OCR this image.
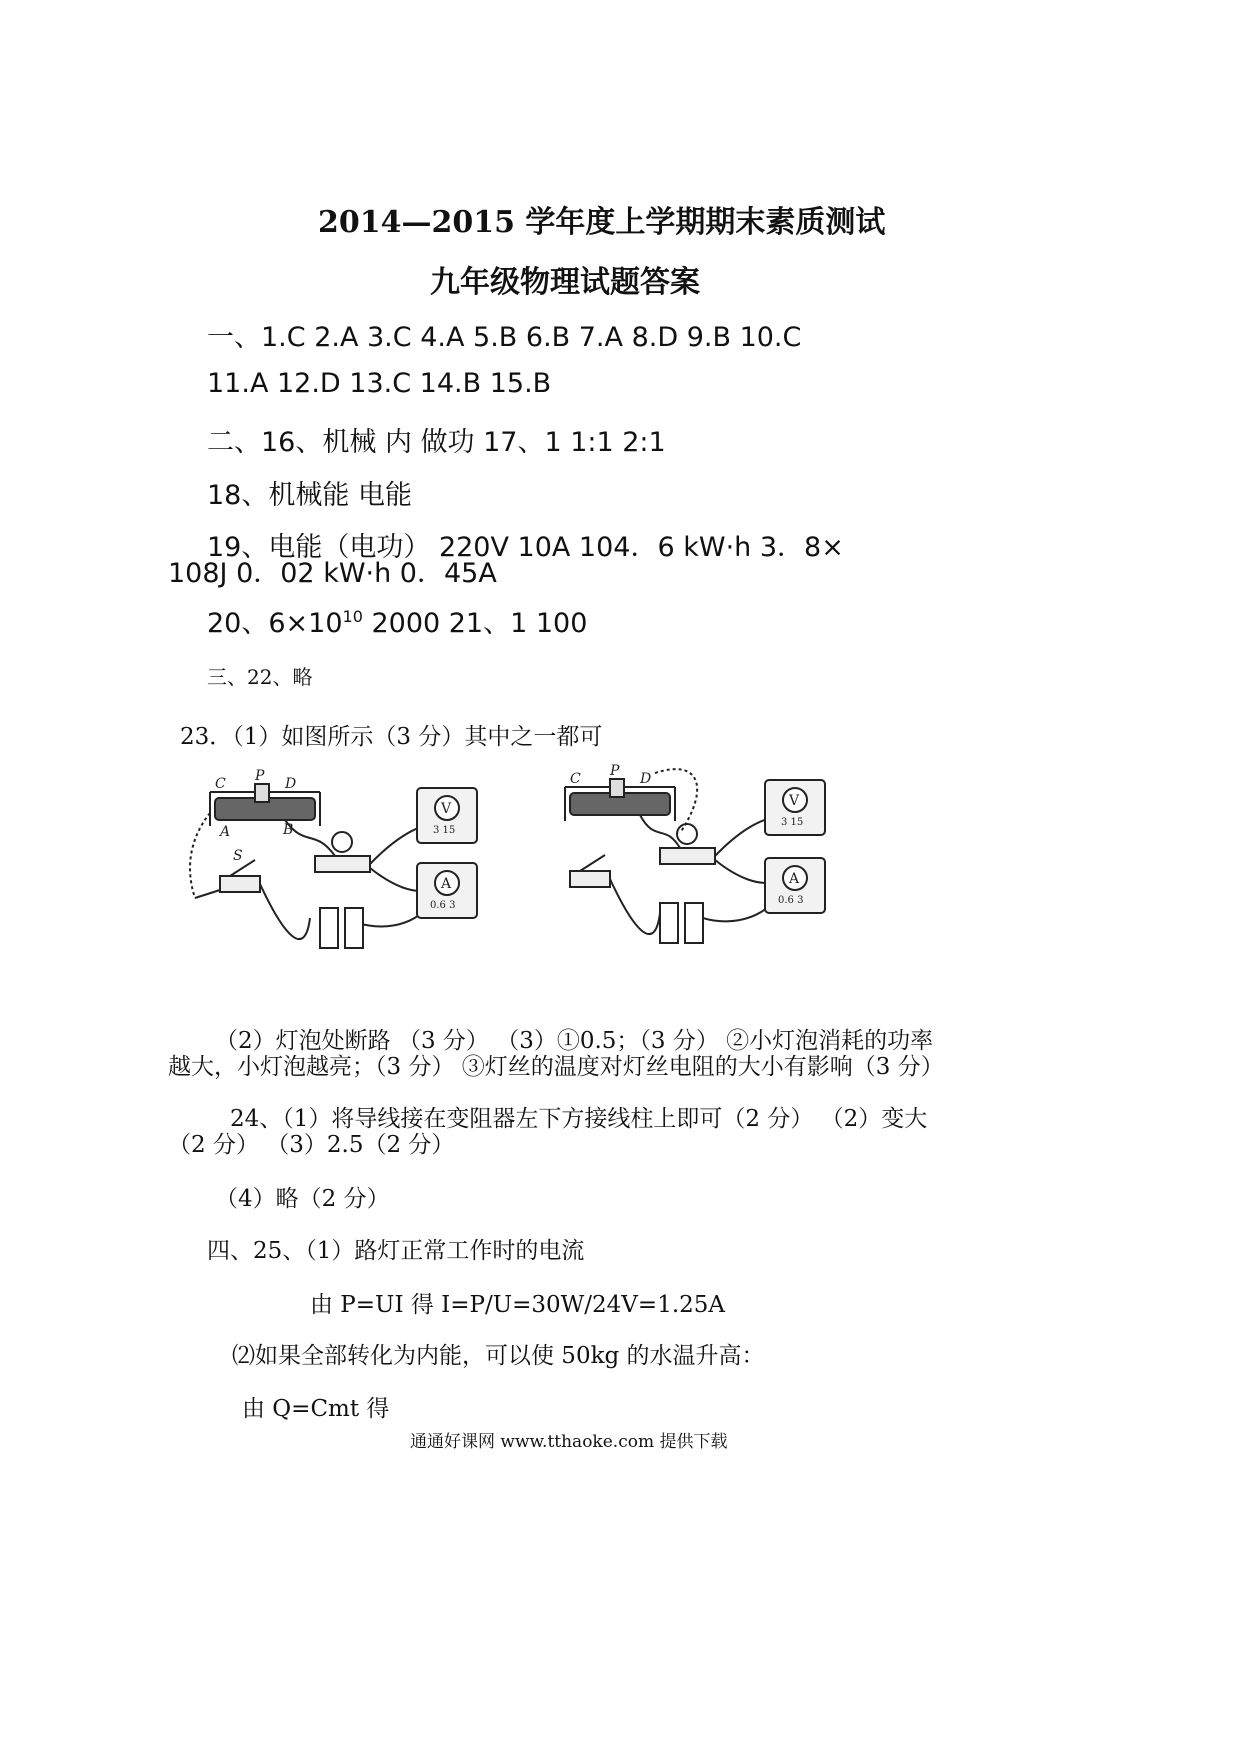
2014—2015 学年度上学期期末素质测试
九年级物理试题答案
一、1.C 2.A 3.C 4.A 5.B 6.B 7.A 8.D 9.B 10.C
11.A 12.D 13.C 14.B 15.B
二、16、机械 内 做功 17、1 1:1 2:1
18、机械能 电能
19、电能（电功） 220V 10A 104．6 kW·h 3．8×
108J 0．02 kW·h 0．45A
20、$6\times 10^{10}$ 2000 21、1 100
三、22、略
23．（1）如图所示（3 分）其中之一都可
C P D
A	B
S
V
3 15
A
0.6 3
C P D
V
3 15
A
0.6 3
（2）灯泡处断路 （3 分） （3）①0.5；（3 分） ②小灯泡消耗的功率
越大，小灯泡越亮；（3 分） ③灯丝的温度对灯丝电阻的大小有影响（3 分）
24、（1）将导线接在变阻器左下方接线柱上即可（2 分） （2）变大
（2 分） （3）2.5（2 分）
（4）略（2 分）
四、25、（1）路灯正常工作时的电流
由 P=UI 得 I=P/U=30W/24V=1.25A
⑵如果全部转化为内能，可以使 50kg 的水温升高：
由 Q=Cmt 得
通通好课网 www.tthaoke.com 提供下载
